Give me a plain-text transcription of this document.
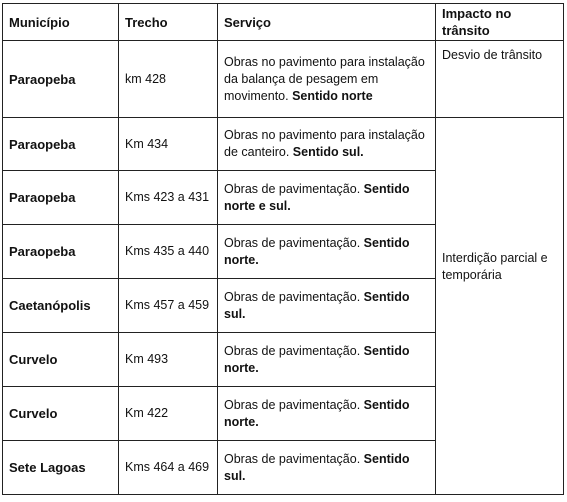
Município	Trecho	Serviço	Impacto no trânsito
Paraopeba	km 428	Obras no pavimento para instalação da balança de pesagem em movimento. Sentido norte	Desvio de trânsito
Paraopeba	Km 434	Obras no pavimento para instalação de canteiro. Sentido sul.	Interdição parcial e temporária
Paraopeba	Kms 423 a 431	Obras de pavimentação. Sentido norte e sul.	
Paraopeba	Kms 435 a 440	Obras de pavimentação. Sentido norte.	
Caetanópolis	Kms 457 a 459	Obras de pavimentação. Sentido sul.	
Curvelo	Km 493	Obras de pavimentação. Sentido norte.	
Curvelo	Km 422	Obras de pavimentação. Sentido norte.	
Sete Lagoas	Kms 464 a 469	Obras de pavimentação. Sentido sul.	
